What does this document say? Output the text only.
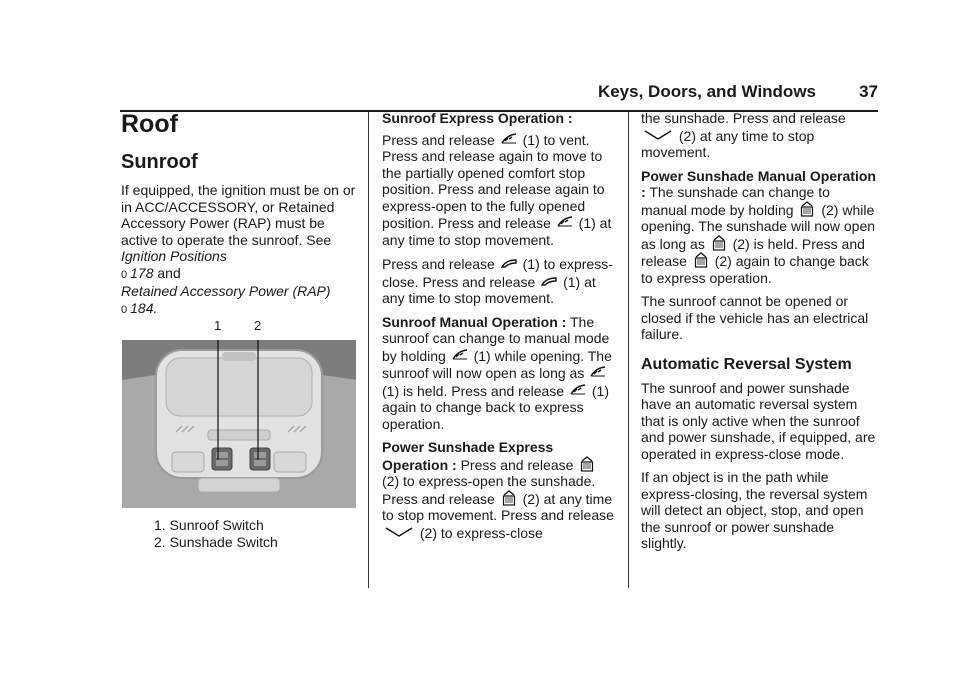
Keys, Doors, and Windows	37
Roof
Sunroof

If equipped, the ignition must be on or in ACC/ACCESSORY, or Retained Accessory Power (RAP) must be active to operate the sunroof. See Ignition Positions
0 178 and
Retained Accessory Power (RAP)
0 184.

1	2
1. Sunroof Switch
2. Sunshade Switch

Sunroof Express Operation :

Press and release (1) to vent. Press and release again to move to the partially opened comfort stop position. Press and release again to express-open to the fully opened position. Press and release (1) at any time to stop movement.

Press and release (1) to express-close. Press and release (1) at any time to stop movement.

Sunroof Manual Operation : The sunroof can change to manual mode by holding (1) while opening. The sunroof will now open as long as
(1) is held. Press and release (1) again to change back to express operation.

Power Sunshade Express Operation : Press and release
(2) to express-open the sunshade. Press and release (2) at any time to stop movement. Press and release
(2) to express-close

the sunshade. Press and release
(2) at any time to stop movement.

Power Sunshade Manual Operation : The sunshade can change to manual mode by holding (2) while opening. The sunshade will now open as long as (2) is held. Press and release (2) again to change back to express operation.

The sunroof cannot be opened or closed if the vehicle has an electrical failure.

Automatic Reversal System

The sunroof and power sunshade have an automatic reversal system that is only active when the sunroof and power sunshade, if equipped, are operated in express-close mode.

If an object is in the path while express-closing, the reversal system will detect an object, stop, and open the sunroof or power sunshade slightly.
